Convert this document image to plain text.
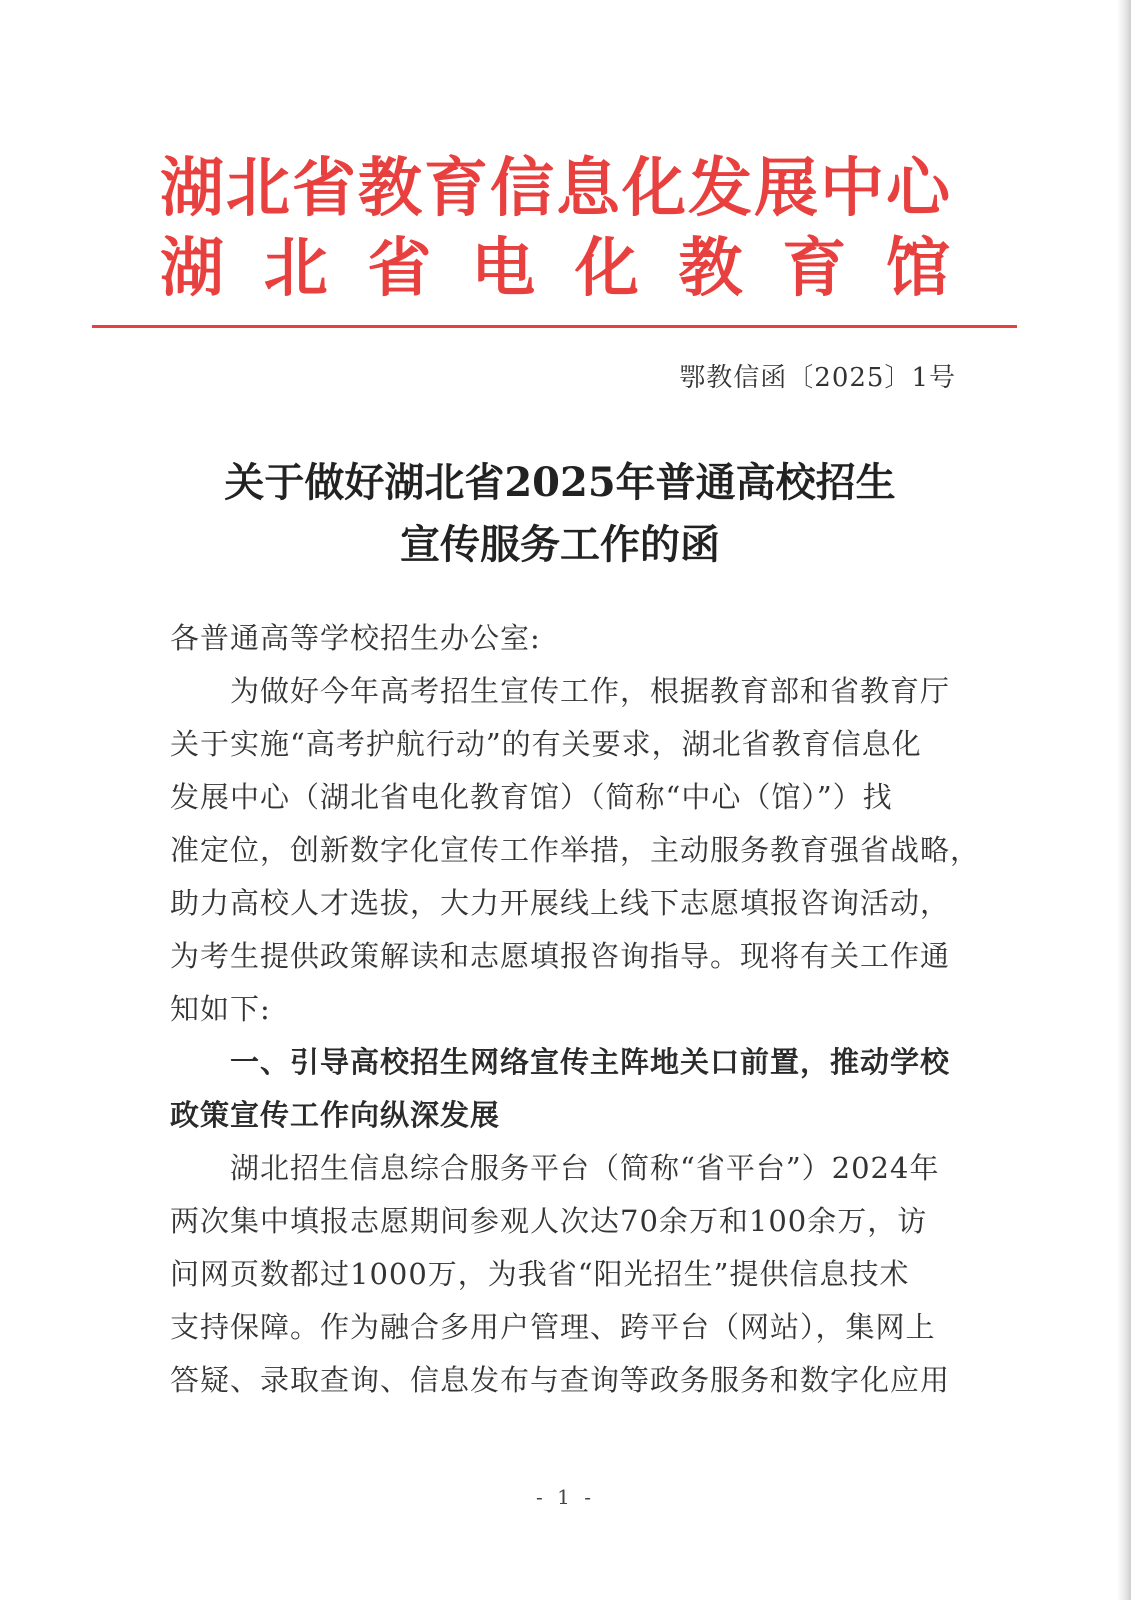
湖北省教育信息化发展中心
湖 北 省 电 化 教 育 馆
鄂教信函〔2025〕1号
关于做好湖北省2025年普通高校招生
宣传服务工作的函
各普通高等学校招生办公室:
　　为做好今年高考招生宣传工作，根据教育部和省教育厅
关于实施“高考护航行动”的有关要求，湖北省教育信息化
发展中心（湖北省电化教育馆）（简称“中心（馆）”）找
准定位，创新数字化宣传工作举措，主动服务教育强省战略，
助力高校人才选拔，大力开展线上线下志愿填报咨询活动，
为考生提供政策解读和志愿填报咨询指导。现将有关工作通
知如下:
　　一、引导高校招生网络宣传主阵地关口前置，推动学校
政策宣传工作向纵深发展
　　湖北招生信息综合服务平台（简称“省平台”）2024年
两次集中填报志愿期间参观人次达70余万和100余万，访
问网页数都过1000万，为我省“阳光招生”提供信息技术
支持保障。作为融合多用户管理、跨平台（网站），集网上
答疑、录取查询、信息发布与查询等政务服务和数字化应用
- 1 -
